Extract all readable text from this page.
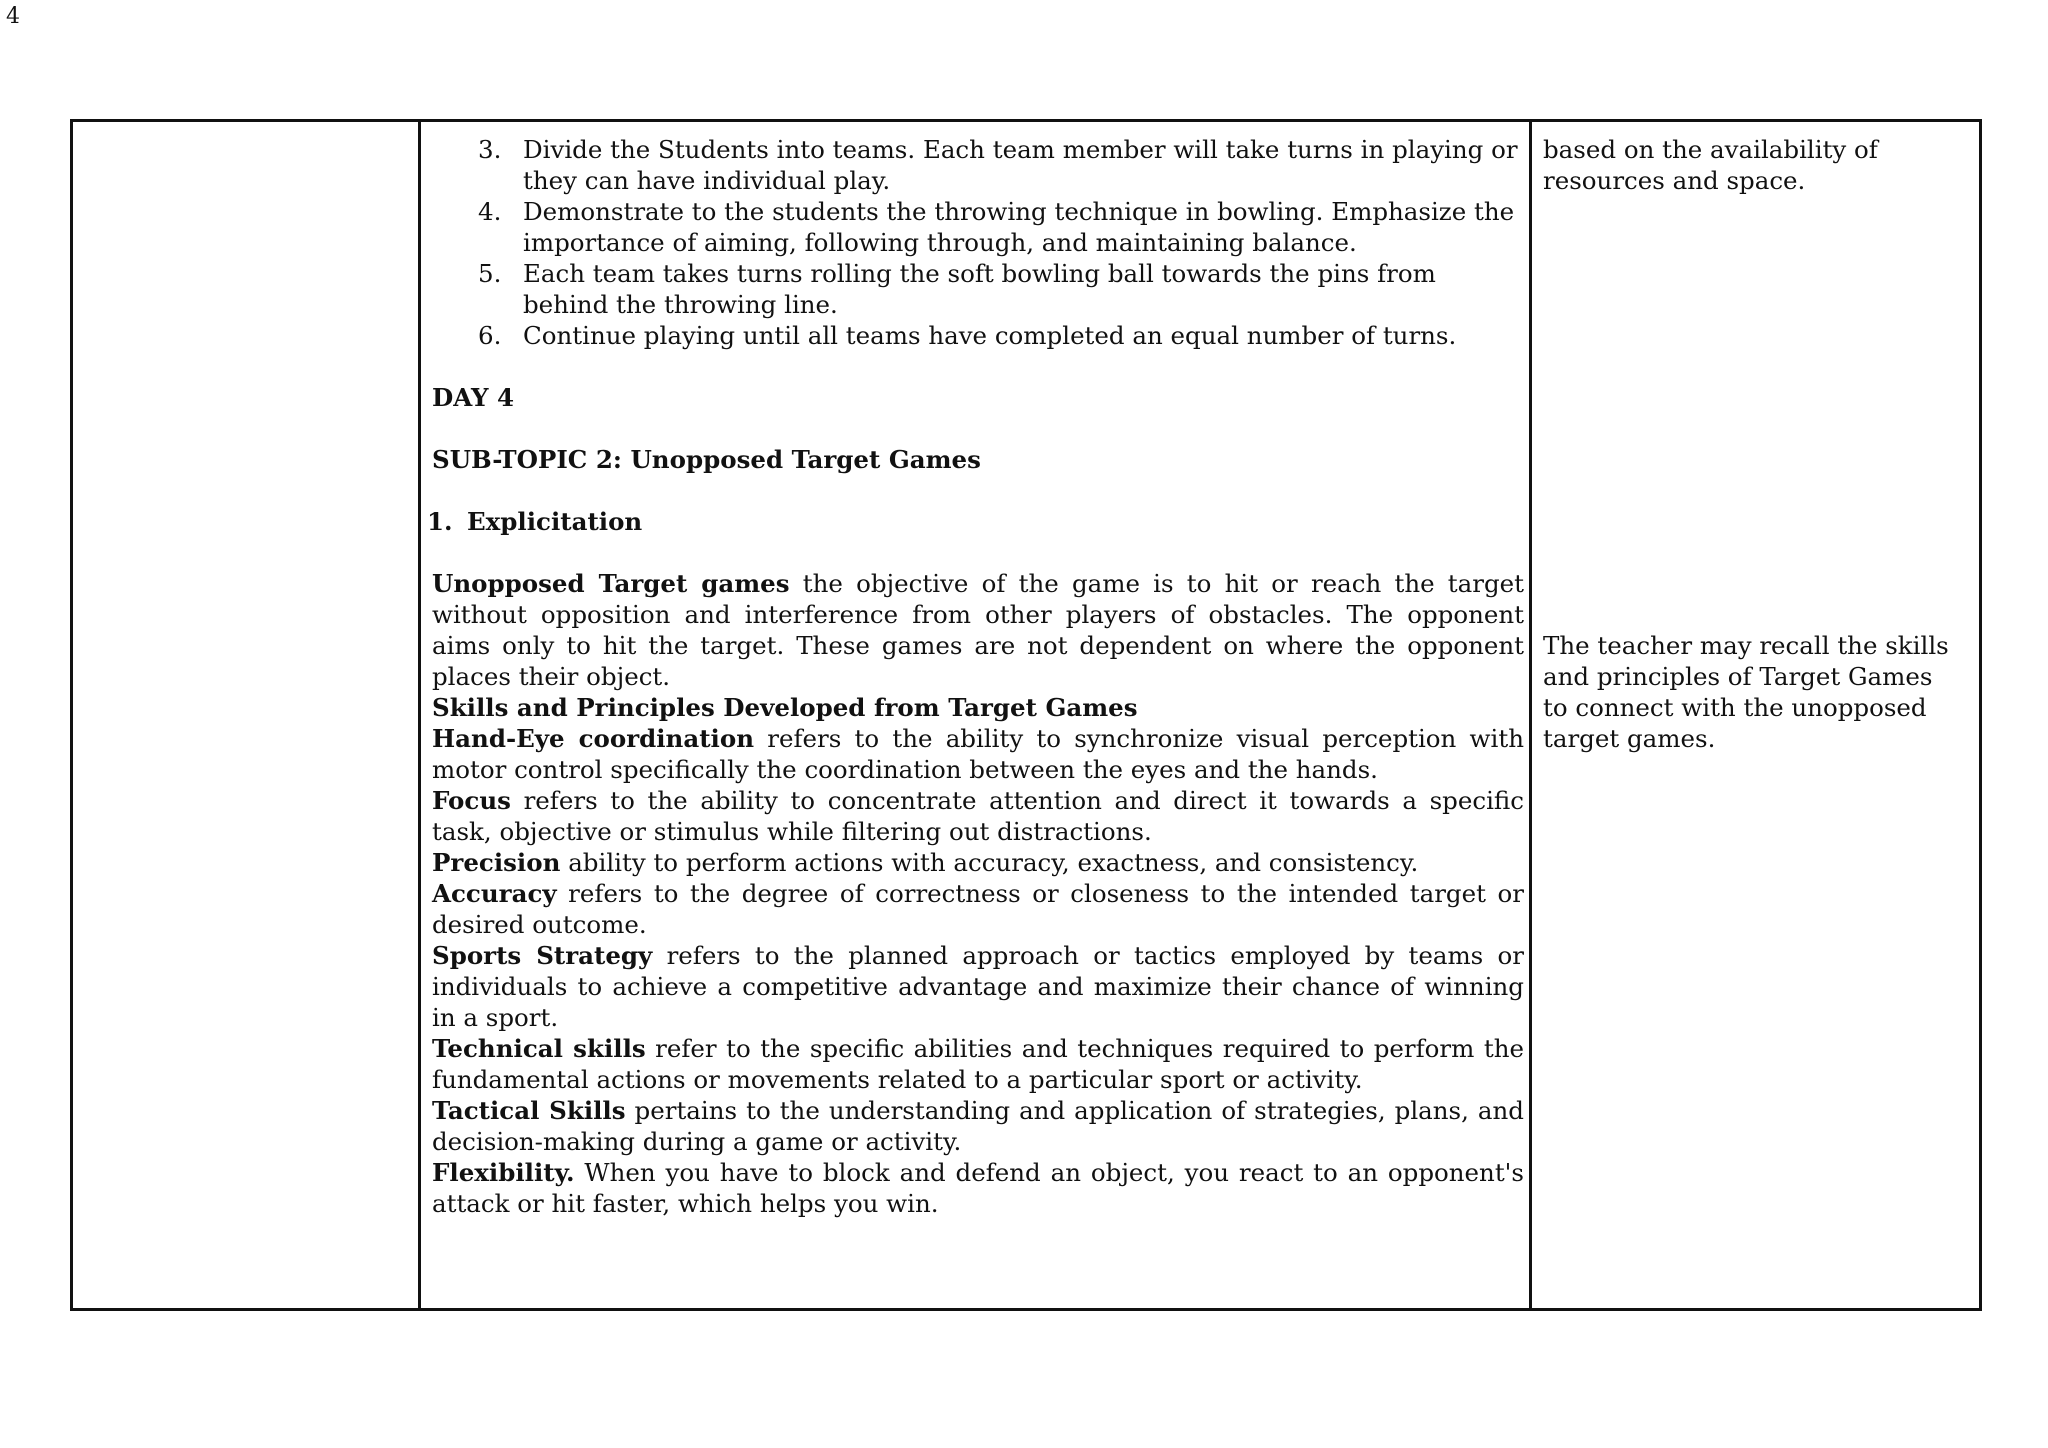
4
3. Divide the Students into teams. Each team member will take turns in playing or they can have individual play.
4. Demonstrate to the students the throwing technique in bowling. Emphasize the importance of aiming, following through, and maintaining balance.
5. Each team takes turns rolling the soft bowling ball towards the pins from behind the throwing line.
6. Continue playing until all teams have completed an equal number of turns.
DAY 4
SUB-TOPIC 2: Unopposed Target Games
1. Explicitation
Unopposed Target games the objective of the game is to hit or reach the target without opposition and interference from other players of obstacles. The opponent aims only to hit the target. These games are not dependent on where the opponent places their object.
Skills and Principles Developed from Target Games
Hand-Eye coordination refers to the ability to synchronize visual perception with motor control specifically the coordination between the eyes and the hands.
Focus refers to the ability to concentrate attention and direct it towards a specific task, objective or stimulus while filtering out distractions.
Precision ability to perform actions with accuracy, exactness, and consistency.
Accuracy refers to the degree of correctness or closeness to the intended target or desired outcome.
Sports Strategy refers to the planned approach or tactics employed by teams or individuals to achieve a competitive advantage and maximize their chance of winning in a sport.
Technical skills refer to the specific abilities and techniques required to perform the fundamental actions or movements related to a particular sport or activity.
Tactical Skills pertains to the understanding and application of strategies, plans, and decision-making during a game or activity.
Flexibility. When you have to block and defend an object, you react to an opponent's attack or hit faster, which helps you win.
based on the availability of resources and space.
The teacher may recall the skills and principles of Target Games to connect with the unopposed target games.
